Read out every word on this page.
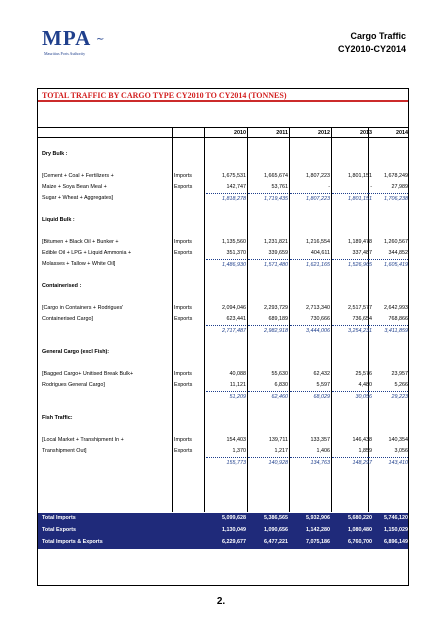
MPA ∼
Mauritius Ports Authority
Cargo Traffic
CY2010-CY2014
TOTAL TRAFFIC BY CARGO TYPE CY2010 TO CY2014 (TONNES)
2010	2011	2012	2013	2014
Dry Bulk :
[Cement + Coal + Fertilizers +	Imports	1,675,531	1,665,674	1,807,223	1,801,151	1,678,249
Maize + Soya Bean Meal +	Exports	142,747	53,761	-	-	27,989
Sugar + Wheat + Aggregates]	1,818,278	1,719,435	1,807,223	1,801,151	1,706,238
Liquid Bulk :
[Bitumen + Black Oil + Bunker +	Imports	1,135,560	1,231,821	1,216,554	1,189,478	1,260,567
Edible Oil + LPG + Liquid Ammonia +	Exports	351,370	339,659	404,611	337,487	344,852
Molasses + Tallow + White Oil]	1,486,930	1,571,480	1,621,165	1,526,965	1,605,419
Containerised :
[Cargo in Containers + Rodrigues'	Imports	2,094,046	2,293,729	2,713,340	2,517,577	2,642,993
Containerised Cargo]	Exports	623,441	689,189	730,666	736,654	768,866
2,717,487	2,982,918	3,444,006	3,254,231	3,411,859
General Cargo (excl Fish):
[Bagged Cargo+ Unitised Break Bulk+	Imports	40,088	55,630	62,432	25,576	23,957
Rodrigues General Cargo]	Exports	11,121	6,830	5,597	4,480	5,266
51,209	62,460	68,029	30,056	29,223
Fish Traffic:
[Local Market + Transhipment In +	Imports	154,403	139,711	133,357	146,438	140,354
Transhipment Out]	Exports	1,370	1,217	1,406	1,859	3,056
155,773	140,928	134,763	148,297	143,410
Total Imports	5,099,628	5,386,565	5,932,906	5,680,220	5,746,120
Total Exports	1,130,049	1,090,656	1,142,280	1,080,480	1,150,029
Total Imports & Exports	6,229,677	6,477,221	7,075,186	6,760,700	6,896,149
2.
